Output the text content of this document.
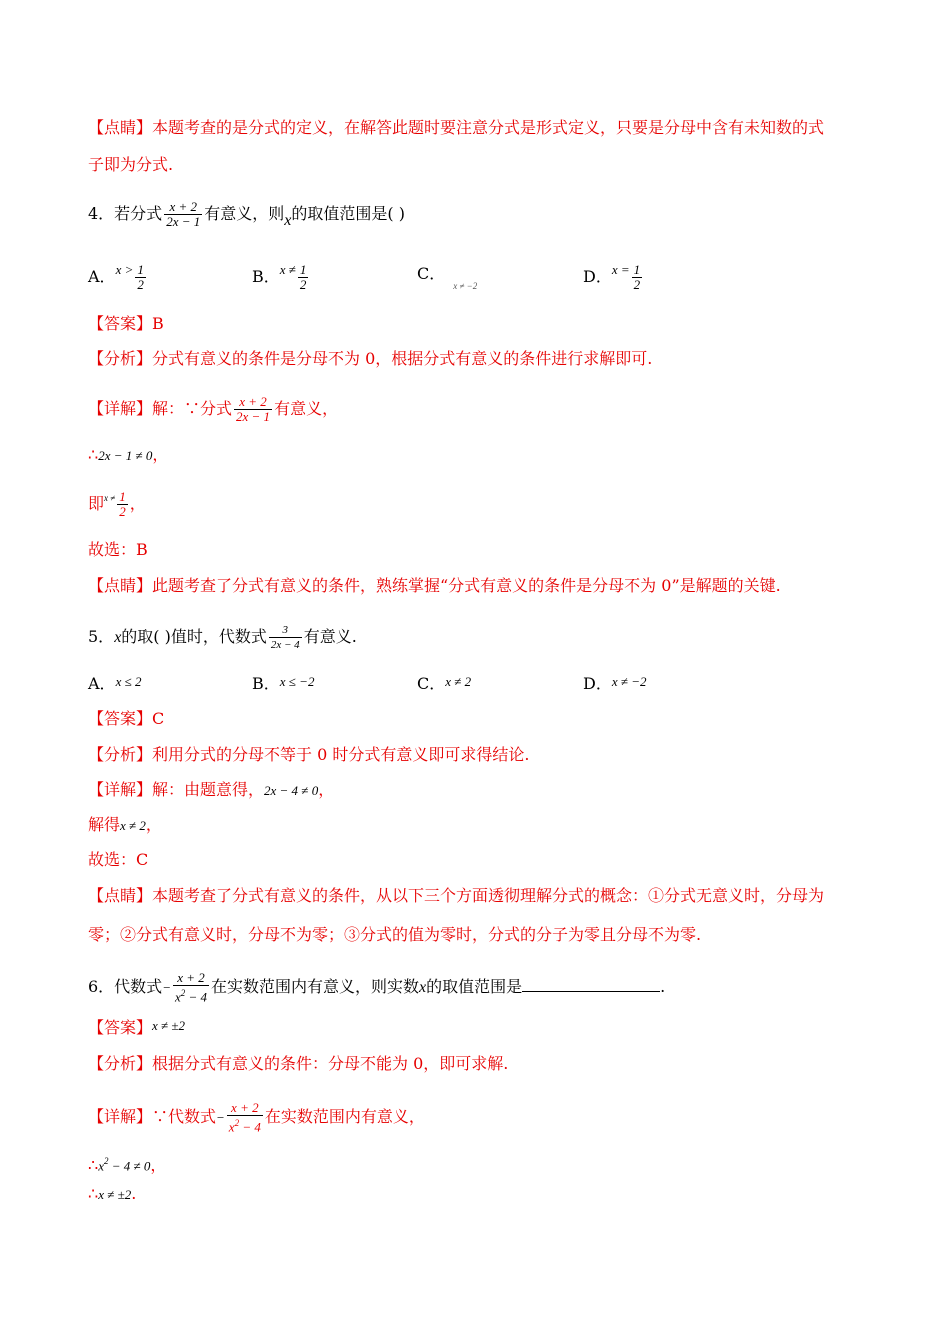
【点睛】本题考查的是分式的定义，在解答此题时要注意分式是形式定义，只要是分母中含有未知数的式
子即为分式.
4．若分式 $\frac{x + 2}{2x - 1}$ 有意义，则x的取值范围是( )
A．$^{x >} \frac{1}{2}$	B．$^{x \ne} \frac{1}{2}$	C．$_{x \ne -2}$	D．$^{x =} \frac{1}{2}$
【答案】B
【分析】分式有意义的条件是分母不为 0，根据分式有意义的条件进行求解即可.
【详解】解：∵分式 $\frac{x + 2}{2x - 1}$ 有意义，
∴2x − 1 ≠ 0，
即$^{x \ne} \frac{1}{2}$ ，
故选：B
【点睛】此题考查了分式有意义的条件，熟练掌握“分式有意义的条件是分母不为 0”是解题的关键.
5．x的取( )值时，代数式 $\frac{3}{2x - 4}$ 有意义.
A．x ≤ 2	B．x ≤ −2	C．x ≠ 2	D．x ≠ −2
【答案】C
【分析】利用分式的分母不等于 0 时分式有意义即可求得结论.
【详解】解：由题意得，2x − 4 ≠ 0，
解得x ≠ 2，
故选：C
【点睛】本题考查了分式有意义的条件，从以下三个方面透彻理解分式的概念：①分式无意义时，分母为
零；②分式有意义时，分母不为零；③分式的值为零时，分式的分子为零且分母不为零.
6．代数式− $\frac{x + 2}{x^2 - 4}$ 在实数范围内有意义，则实数x的取值范围是	.
【答案】x ≠ ±2
【分析】根据分式有意义的条件：分母不能为 0，即可求解.
【详解】∵代数式− $\frac{x + 2}{x^2 - 4}$ 在实数范围内有意义，
$\therefore x^2 - 4 \ne 0$，
∴x ≠ ±2.
